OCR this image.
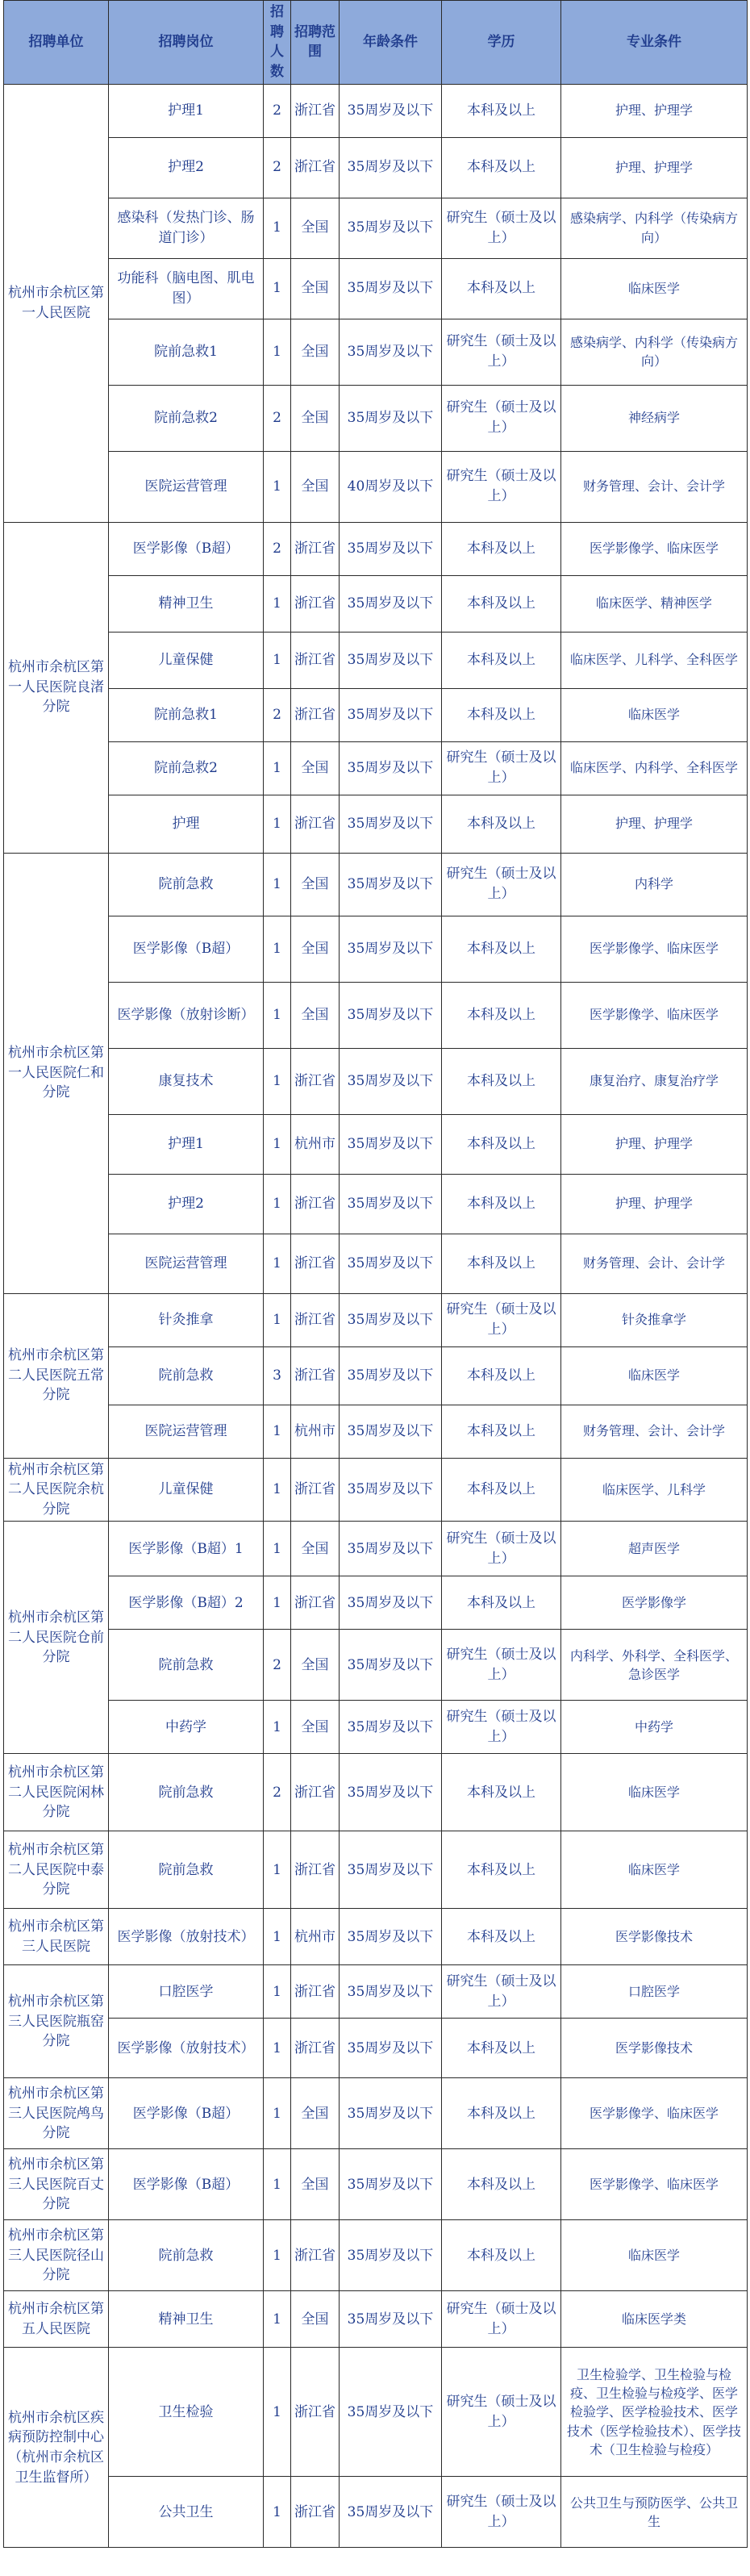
招聘单位	招聘岗位	招聘人数	招聘范围	年龄条件	学历	专业条件
杭州市余杭区第一人民医院	护理1	2	浙江省	35周岁及以下	本科及以上	护理、护理学
	护理2	2	浙江省	35周岁及以下	本科及以上	护理、护理学
	感染科（发热门诊、肠道门诊）	1	全国	35周岁及以下	研究生（硕士及以上）	感染病学、内科学（传染病方向）
	功能科（脑电图、肌电图）	1	全国	35周岁及以下	本科及以上	临床医学
	院前急救1	1	全国	35周岁及以下	研究生（硕士及以上）	感染病学、内科学（传染病方向）
	院前急救2	2	全国	35周岁及以下	研究生（硕士及以上）	神经病学
	医院运营管理	1	全国	40周岁及以下	研究生（硕士及以上）	财务管理、会计、会计学
杭州市余杭区第一人民医院良渚分院	医学影像（B超）	2	浙江省	35周岁及以下	本科及以上	医学影像学、临床医学
	精神卫生	1	浙江省	35周岁及以下	本科及以上	临床医学、精神医学
	儿童保健	1	浙江省	35周岁及以下	本科及以上	临床医学、儿科学、全科医学
	院前急救1	2	浙江省	35周岁及以下	本科及以上	临床医学
	院前急救2	1	全国	35周岁及以下	研究生（硕士及以上）	临床医学、内科学、全科医学
	护理	1	浙江省	35周岁及以下	本科及以上	护理、护理学
杭州市余杭区第一人民医院仁和分院	院前急救	1	全国	35周岁及以下	研究生（硕士及以上）	内科学
	医学影像（B超）	1	全国	35周岁及以下	本科及以上	医学影像学、临床医学
	医学影像（放射诊断）	1	全国	35周岁及以下	本科及以上	医学影像学、临床医学
	康复技术	1	浙江省	35周岁及以下	本科及以上	康复治疗、康复治疗学
	护理1	1	杭州市	35周岁及以下	本科及以上	护理、护理学
	护理2	1	浙江省	35周岁及以下	本科及以上	护理、护理学
	医院运营管理	1	浙江省	35周岁及以下	本科及以上	财务管理、会计、会计学
杭州市余杭区第二人民医院五常分院	针灸推拿	1	浙江省	35周岁及以下	研究生（硕士及以上）	针灸推拿学
	院前急救	3	浙江省	35周岁及以下	本科及以上	临床医学
	医院运营管理	1	杭州市	35周岁及以下	本科及以上	财务管理、会计、会计学
杭州市余杭区第二人民医院余杭分院	儿童保健	1	浙江省	35周岁及以下	本科及以上	临床医学、儿科学
杭州市余杭区第二人民医院仓前分院	医学影像（B超）1	1	全国	35周岁及以下	研究生（硕士及以上）	超声医学
	医学影像（B超）2	1	浙江省	35周岁及以下	本科及以上	医学影像学
	院前急救	2	全国	35周岁及以下	研究生（硕士及以上）	内科学、外科学、全科医学、急诊医学
	中药学	1	全国	35周岁及以下	研究生（硕士及以上）	中药学
杭州市余杭区第二人民医院闲林分院	院前急救	2	浙江省	35周岁及以下	本科及以上	临床医学
杭州市余杭区第二人民医院中泰分院	院前急救	1	浙江省	35周岁及以下	本科及以上	临床医学
杭州市余杭区第三人民医院	医学影像（放射技术）	1	杭州市	35周岁及以下	本科及以上	医学影像技术
杭州市余杭区第三人民医院瓶窑分院	口腔医学	1	浙江省	35周岁及以下	研究生（硕士及以上）	口腔医学
	医学影像（放射技术）	1	浙江省	35周岁及以下	本科及以上	医学影像技术
杭州市余杭区第三人民医院鸬鸟分院	医学影像（B超）	1	全国	35周岁及以下	本科及以上	医学影像学、临床医学
杭州市余杭区第三人民医院百丈分院	医学影像（B超）	1	全国	35周岁及以下	本科及以上	医学影像学、临床医学
杭州市余杭区第三人民医院径山分院	院前急救	1	浙江省	35周岁及以下	本科及以上	临床医学
杭州市余杭区第五人民医院	精神卫生	1	全国	35周岁及以下	研究生（硕士及以上）	临床医学类
杭州市余杭区疾病预防控制中心（杭州市余杭区卫生监督所）	卫生检验	1	浙江省	35周岁及以下	研究生（硕士及以上）	卫生检验学、卫生检验与检疫、卫生检验与检疫学、医学检验学、医学检验技术、医学技术（医学检验技术）、医学技术（卫生检验与检疫）
	公共卫生	1	浙江省	35周岁及以下	研究生（硕士及以上）	公共卫生与预防医学、公共卫生
